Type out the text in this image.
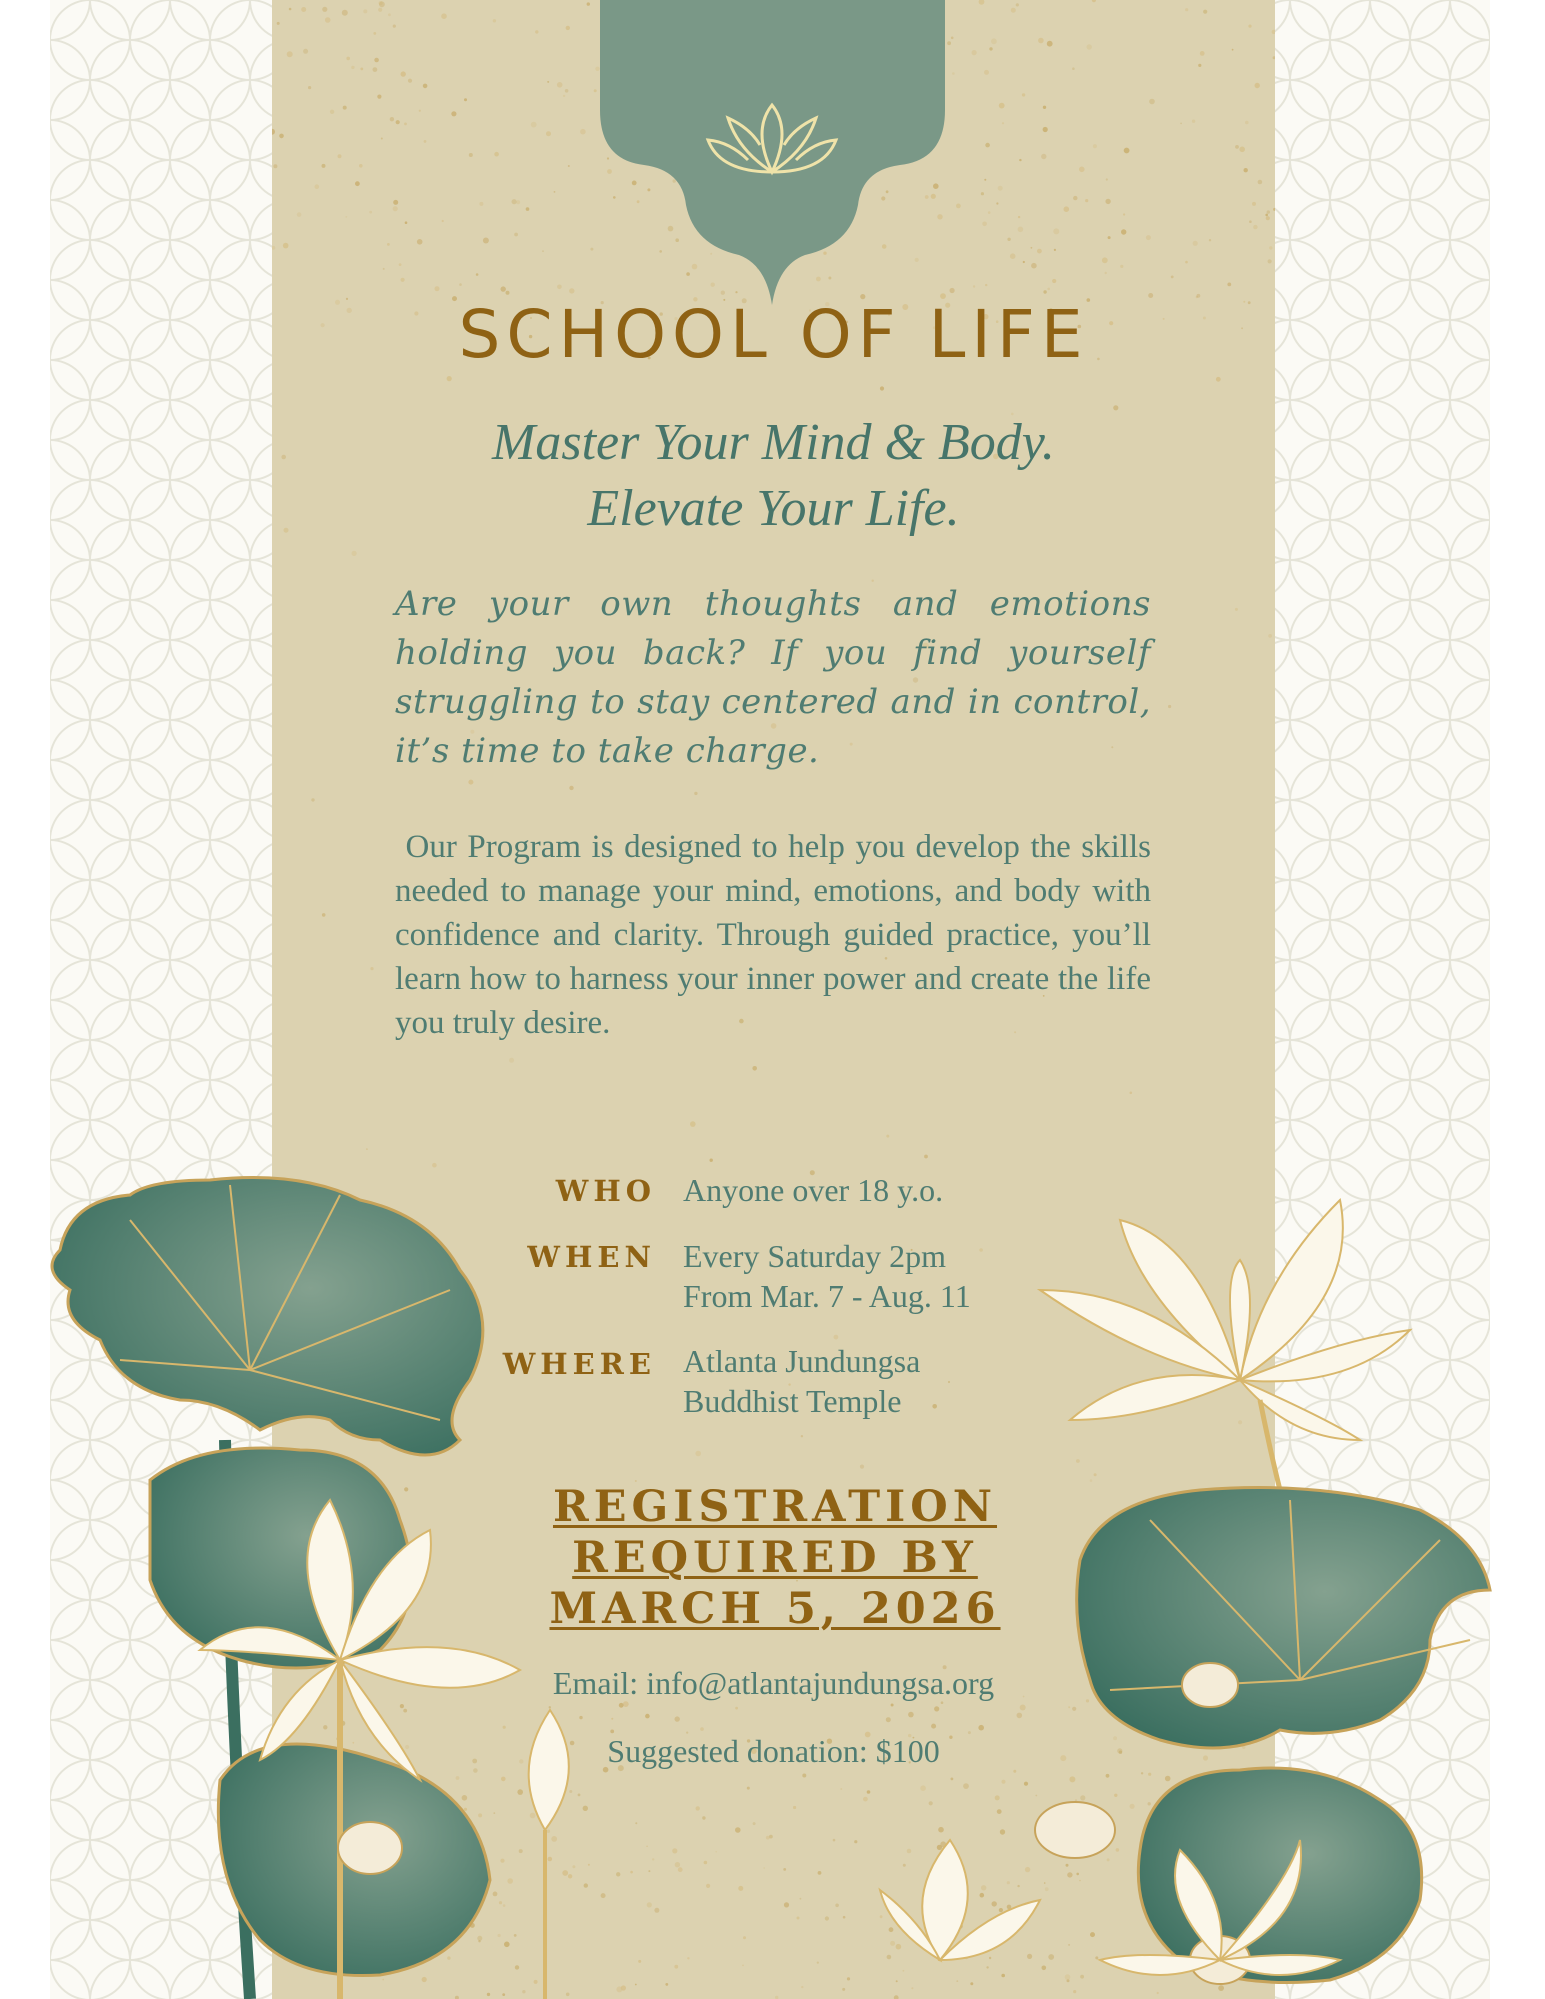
SCHOOL OF LIFE
Master Your Mind & Body.
Elevate Your Life.

Are your own thoughts and emotions holding you back? If you find yourself struggling to stay centered and in control, it’s time to take charge.

Our Program is designed to help you develop the skills needed to manage your mind, emotions, and body with confidence and clarity. Through guided practice, you’ll learn how to harness your inner power and create the life you truly desire.

WHO Anyone over 18 y.o.
WHEN Every Saturday 2pm
From Mar. 7 - Aug. 11
WHERE Atlanta Jundungsa
Buddhist Temple
REGISTRATION
REQUIRED BY
MARCH 5, 2026
Email: info@atlantajundungsa.org
Suggested donation: $100
